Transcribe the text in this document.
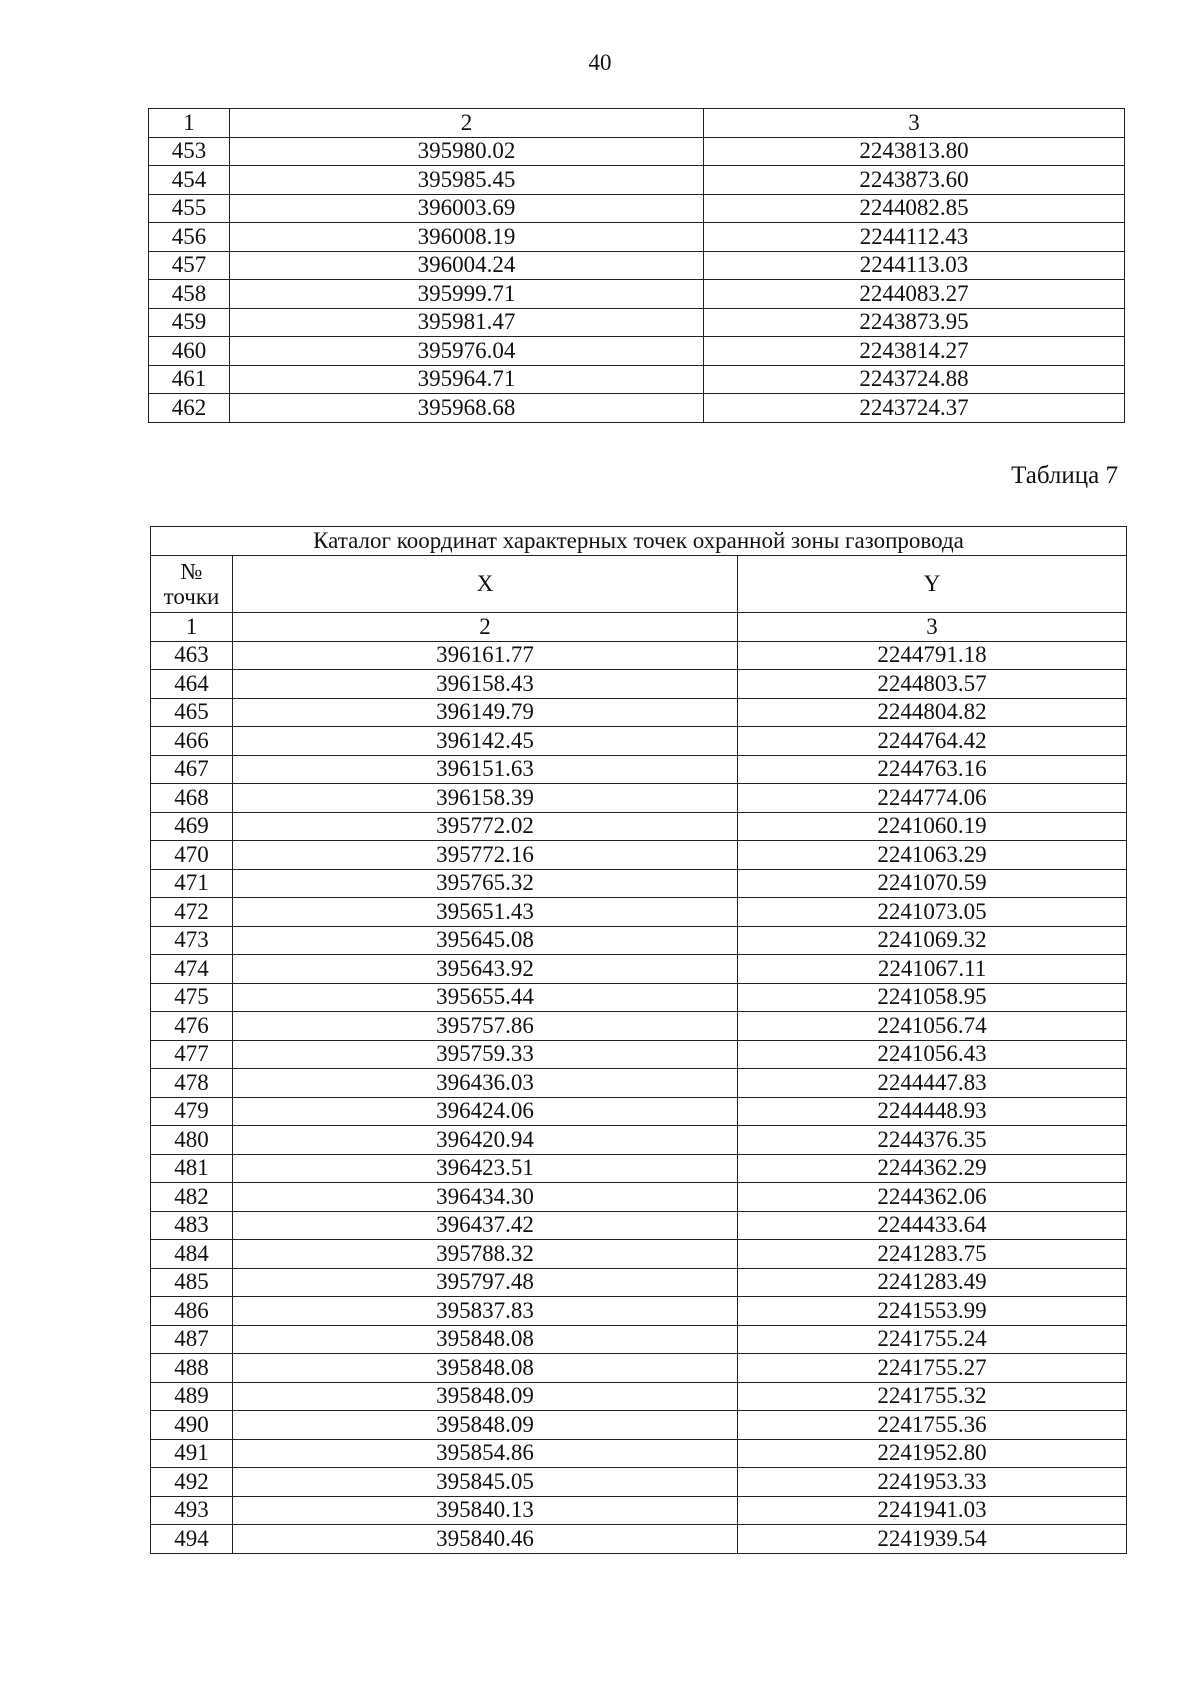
40
1	2	3
453	395980.02	2243813.80
454	395985.45	2243873.60
455	396003.69	2244082.85
456	396008.19	2244112.43
457	396004.24	2244113.03
458	395999.71	2244083.27
459	395981.47	2243873.95
460	395976.04	2243814.27
461	395964.71	2243724.88
462	395968.68	2243724.37
Таблица 7
Каталог координат характерных точек охранной зоны газопровода		
№
точки	X	Y
1	2	3
463	396161.77	2244791.18
464	396158.43	2244803.57
465	396149.79	2244804.82
466	396142.45	2244764.42
467	396151.63	2244763.16
468	396158.39	2244774.06
469	395772.02	2241060.19
470	395772.16	2241063.29
471	395765.32	2241070.59
472	395651.43	2241073.05
473	395645.08	2241069.32
474	395643.92	2241067.11
475	395655.44	2241058.95
476	395757.86	2241056.74
477	395759.33	2241056.43
478	396436.03	2244447.83
479	396424.06	2244448.93
480	396420.94	2244376.35
481	396423.51	2244362.29
482	396434.30	2244362.06
483	396437.42	2244433.64
484	395788.32	2241283.75
485	395797.48	2241283.49
486	395837.83	2241553.99
487	395848.08	2241755.24
488	395848.08	2241755.27
489	395848.09	2241755.32
490	395848.09	2241755.36
491	395854.86	2241952.80
492	395845.05	2241953.33
493	395840.13	2241941.03
494	395840.46	2241939.54
